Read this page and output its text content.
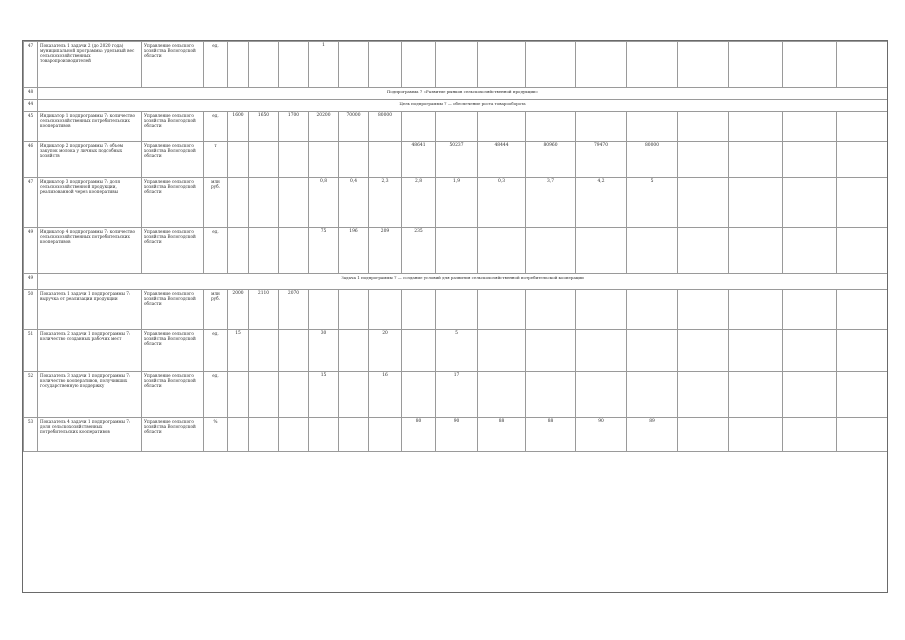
47	Показатель 1 задачи 2 (до 2020 года) муниципальной программы: удельный вес сельскохозяйственных товаропроизводителей	Управление сельского хозяйства Вологодской области	ед.				1												
48	Подпрограмма 7 «Развитие рынков сельскохозяйственной продукции»																		
44	Цель подпрограммы 7 — обеспечение роста товарооборота																		
45	Индикатор 1 подпрограммы 7: количество сельскохозяйственных потребительских кооперативов	Управление сельского хозяйства Вологодской области	ед.	1600	1650	1700	20200	70000	80000										
46	Индикатор 2 подпрограммы 7: объем закупок молока у личных подсобных хозяйств	Управление сельского хозяйства Вологодской области	т							48641	50237	48444	80960	79470	80000				
47	Индикатор 3 подпрограммы 7: доля сельскохозяйственной продукции, реализованной через кооперативы	Управление сельского хозяйства Вологодской области	млн руб.				0,8	0,4	2,3	2,8	1,9	0,3	3,7	4,2	5				
49	Индикатор 4 подпрограммы 7: количество сельскохозяйственных потребительских кооперативов	Управление сельского хозяйства Вологодской области	ед.				75	196	209	235									
49	Задача 1 подпрограммы 7 — создание условий для развития сельскохозяйственной потребительской кооперации																		
50	Показатель 1 задачи 1 подпрограммы 7: выручка от реализации продукции	Управление сельского хозяйства Вологодской области	млн руб.	2000	2110	2070													
51	Показатель 2 задачи 1 подпрограммы 7: количество созданных рабочих мест	Управление сельского хозяйства Вологодской области	ед.	15			30		20		5								
52	Показатель 3 задачи 1 подпрограммы 7: количество кооперативов, получивших государственную поддержку	Управление сельского хозяйства Вологодской области	ед.				15		16		17								
53	Показатель 4 задачи 1 подпрограммы 7: доля сельскохозяйственных потребительских кооперативов	Управление сельского хозяйства Вологодской области	%							80	90	88	88	90	89				
